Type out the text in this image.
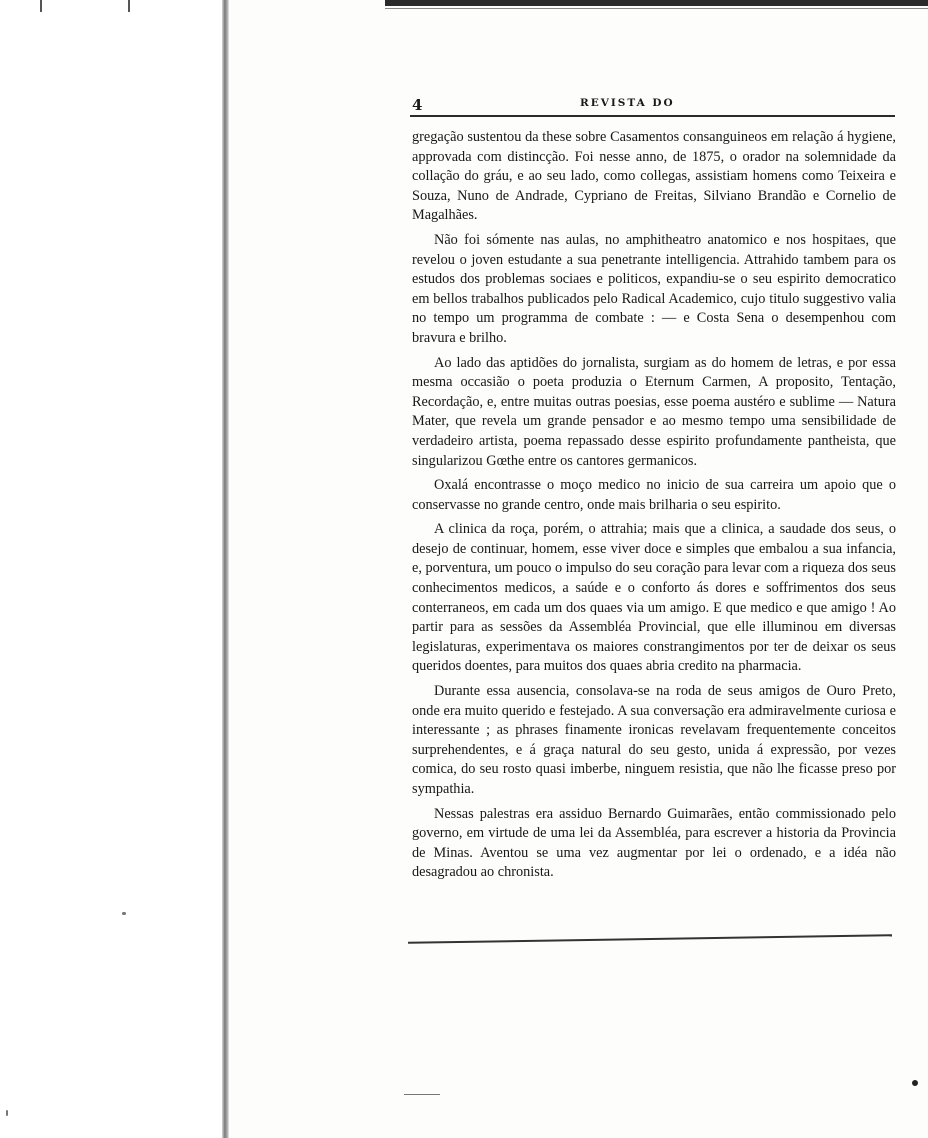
4	REVISTA DO

gregação sustentou da these sobre Casamentos consanguineos em relação á hygiene, approvada com distincção. Foi nesse anno, de 1875, o orador na solemnidade da collação do gráu, e ao seu lado, como collegas, assistiam homens como Teixeira e Souza, Nuno de Andrade, Cypriano de Freitas, Silviano Brandão e Cornelio de Magalhães.

Não foi sómente nas aulas, no amphitheatro anatomico e nos hospitaes, que revelou o joven estudante a sua penetrante intelligencia. Attrahido tambem para os estudos dos problemas sociaes e politicos, expandiu-se o seu espirito democratico em bellos trabalhos publicados pelo Radical Academico, cujo titulo suggestivo valia no tempo um programma de combate : — e Costa Sena o desempenhou com bravura e brilho.

Ao lado das aptidões do jornalista, surgiam as do homem de letras, e por essa mesma occasião o poeta produzia o Eternum Carmen, A proposito, Tentação, Recordação, e, entre muitas outras poesias, esse poema austéro e sublime — Natura Mater, que revela um grande pensador e ao mesmo tempo uma sensibilidade de verdadeiro artista, poema repassado desse espirito profundamente pantheista, que singularizou Gœthe entre os cantores germanicos.

Oxalá encontrasse o moço medico no inicio de sua carreira um apoio que o conservasse no grande centro, onde mais brilharia o seu espirito.

A clinica da roça, porém, o attrahia; mais que a clinica, a saudade dos seus, o desejo de continuar, homem, esse viver doce e simples que embalou a sua infancia, e, porventura, um pouco o impulso do seu coração para levar com a riqueza dos seus conhecimentos medicos, a saúde e o conforto ás dores e soffrimentos dos seus conterraneos, em cada um dos quaes via um amigo. E que medico e que amigo ! Ao partir para as sessões da Assembléa Provincial, que elle illuminou em diversas legislaturas, experimentava os maiores constrangimentos por ter de deixar os seus queridos doentes, para muitos dos quaes abria credito na pharmacia.

Durante essa ausencia, consolava-se na roda de seus amigos de Ouro Preto, onde era muito querido e festejado. A sua conversação era admiravelmente curiosa e interessante ; as phrases finamente ironicas revelavam frequentemente conceitos surprehendentes, e á graça natural do seu gesto, unida á expressão, por vezes comica, do seu rosto quasi imberbe, ninguem resistia, que não lhe ficasse preso por sympathia.

Nessas palestras era assiduo Bernardo Guimarães, então commissionado pelo governo, em virtude de uma lei da Assembléa, para escrever a historia da Provincia de Minas. Aventou se uma vez augmentar por lei o ordenado, e a idéa não desagradou ao chronista.
